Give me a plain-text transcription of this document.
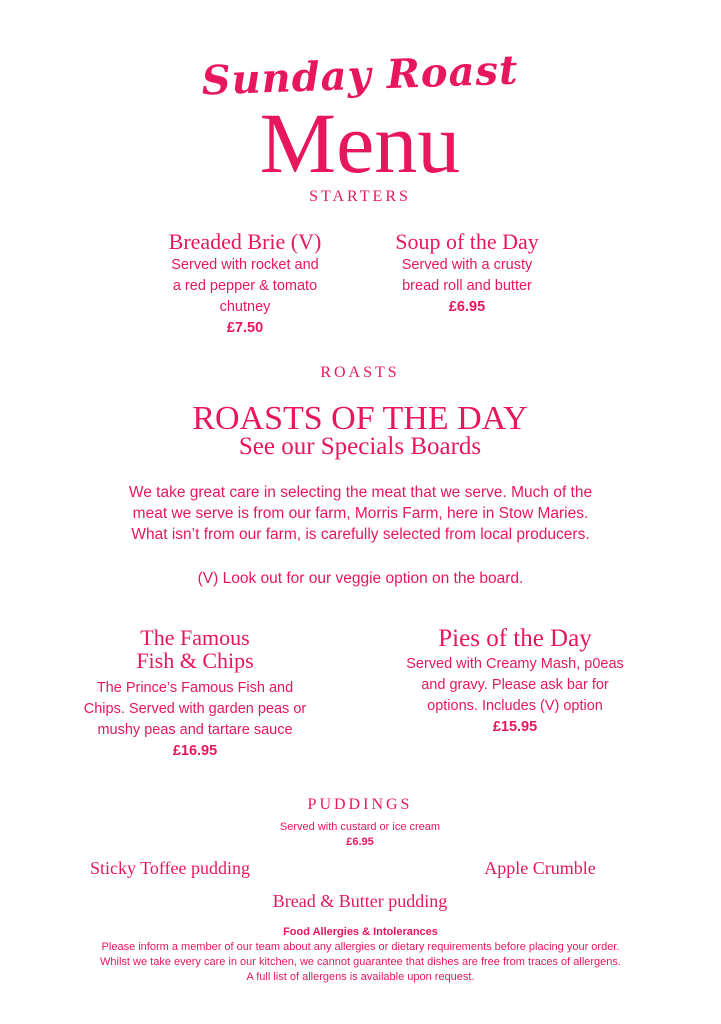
Sunday Roast
Menu
STARTERS
Breaded Brie (V)
Served with rocket and
a red pepper & tomato
chutney
£7.50
Soup of the Day
Served with a crusty
bread roll and butter
£6.95
ROASTS
ROASTS OF THE DAY
See our Specials Boards
We take great care in selecting the meat that we serve. Much of the
meat we serve is from our farm, Morris Farm, here in Stow Maries.
What isn’t from our farm, is carefully selected from local producers.
(V) Look out for our veggie option on the board.
The Famous
Fish & Chips
The Prince’s Famous Fish and
Chips. Served with garden peas or
mushy peas and tartare sauce
£16.95
Pies of the Day
Served with Creamy Mash, p0eas
and gravy. Please ask bar for
options. Includes (V) option
£15.95
PUDDINGS
Served with custard or ice cream
£6.95
Sticky Toffee pudding	Apple Crumble
Bread & Butter pudding
Food Allergies & Intolerances
Please inform a member of our team about any allergies or dietary requirements before placing your order.
Whilst we take every care in our kitchen, we cannot guarantee that dishes are free from traces of allergens.
A full list of allergens is available upon request.
